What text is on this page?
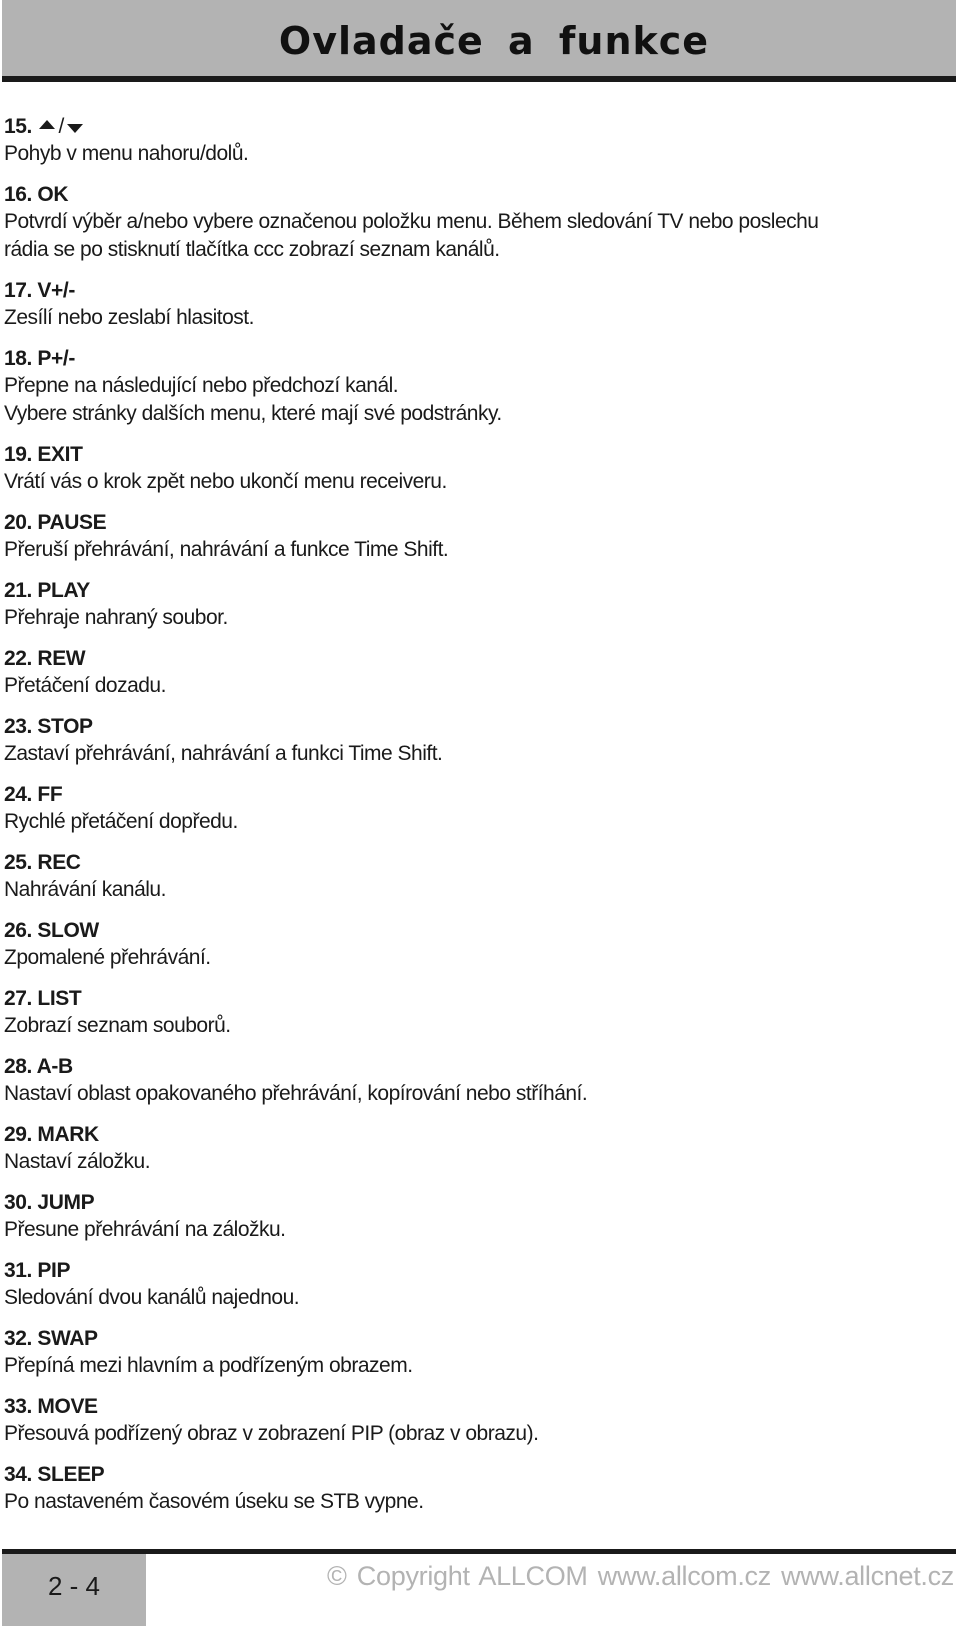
Ovladače a funkce
15. /
Pohyb v menu nahoru/dolů.
16. OK
Potvrdí výběr a/nebo vybere označenou položku menu. Během sledování TV nebo poslechu
rádia se po stisknutí tlačítka ccc zobrazí seznam kanálů.
17. V+/-
Zesílí nebo zeslabí hlasitost.
18. P+/-
Přepne na následující nebo předchozí kanál.
Vybere stránky dalších menu, které mají své podstránky.
19. EXIT
Vrátí vás o krok zpět nebo ukončí menu receiveru.
20. PAUSE
Přeruší přehrávání, nahrávání a funkce Time Shift.
21. PLAY
Přehraje nahraný soubor.
22. REW
Přetáčení dozadu.
23. STOP
Zastaví přehrávání, nahrávání a funkci Time Shift.
24. FF
Rychlé přetáčení dopředu.
25. REC
Nahrávání kanálu.
26. SLOW
Zpomalené přehrávání.
27. LIST
Zobrazí seznam souborů.
28. A-B
Nastaví oblast opakovaného přehrávání, kopírování nebo stříhání.
29. MARK
Nastaví záložku.
30. JUMP
Přesune přehrávání na záložku.
31. PIP
Sledování dvou kanálů najednou.
32. SWAP
Přepíná mezi hlavním a podřízeným obrazem.
33. MOVE
Přesouvá podřízený obraz v zobrazení PIP (obraz v obrazu).
34. SLEEP
Po nastaveném časovém úseku se STB vypne.
2 - 4	© Copyright ALLCOM www.allcom.cz www.allcnet.cz
